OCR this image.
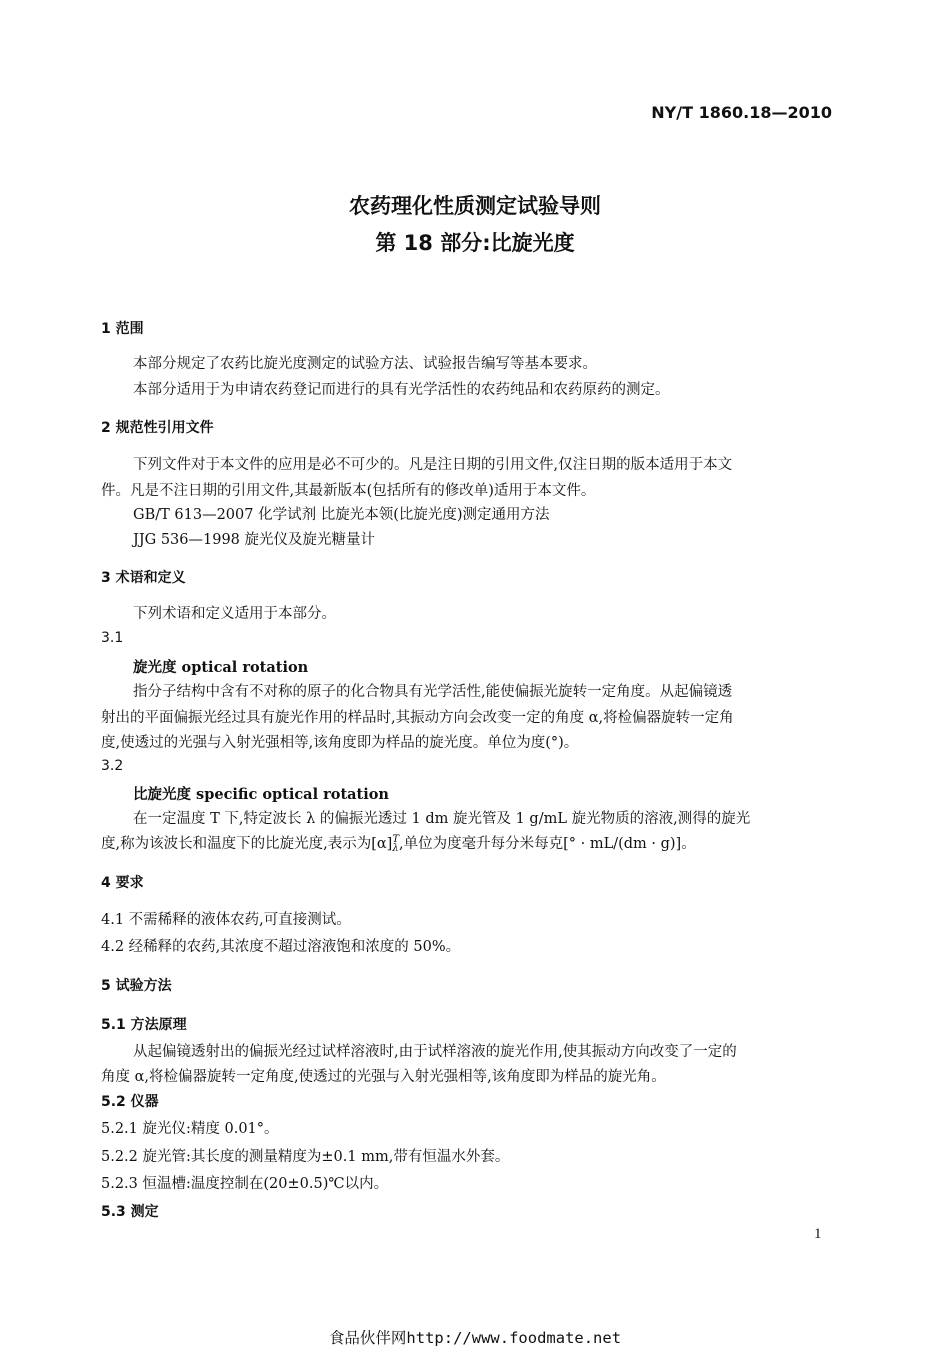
NY/T 1860.18—2010
农药理化性质测定试验导则
第 18 部分:比旋光度
1 范围
本部分规定了农药比旋光度测定的试验方法、试验报告编写等基本要求。
本部分适用于为申请农药登记而进行的具有光学活性的农药纯品和农药原药的测定。
2 规范性引用文件
下列文件对于本文件的应用是必不可少的。凡是注日期的引用文件,仅注日期的版本适用于本文
件。凡是不注日期的引用文件,其最新版本(包括所有的修改单)适用于本文件。
GB/T 613—2007 化学试剂 比旋光本领(比旋光度)测定通用方法
JJG 536—1998 旋光仪及旋光糖量计
3 术语和定义
下列术语和定义适用于本部分。
3.1
旋光度 optical rotation
指分子结构中含有不对称的原子的化合物具有光学活性,能使偏振光旋转一定角度。从起偏镜透
射出的平面偏振光经过具有旋光作用的样品时,其振动方向会改变一定的角度 α,将检偏器旋转一定角
度,使透过的光强与入射光强相等,该角度即为样品的旋光度。单位为度(°)。
3.2
比旋光度 specific optical rotation
在一定温度 T 下,特定波长 λ 的偏振光透过 1 dm 旋光管及 1 g/mL 旋光物质的溶液,测得的旋光
度,称为该波长和温度下的比旋光度,表示为[α] T
λ ,单位为度毫升每分米每克[° · mL/(dm · g)]。
4 要求
4.1 不需稀释的液体农药,可直接测试。
4.2 经稀释的农药,其浓度不超过溶液饱和浓度的 50%。
5 试验方法
5.1 方法原理
从起偏镜透射出的偏振光经过试样溶液时,由于试样溶液的旋光作用,使其振动方向改变了一定的
角度 α,将检偏器旋转一定角度,使透过的光强与入射光强相等,该角度即为样品的旋光角。
5.2 仪器
5.2.1 旋光仪:精度 0.01°。
5.2.2 旋光管:其长度的测量精度为±0.1 mm,带有恒温水外套。
5.2.3 恒温槽:温度控制在(20±0.5)℃以内。
5.3 测定
1
食品伙伴网http://www.foodmate.net
